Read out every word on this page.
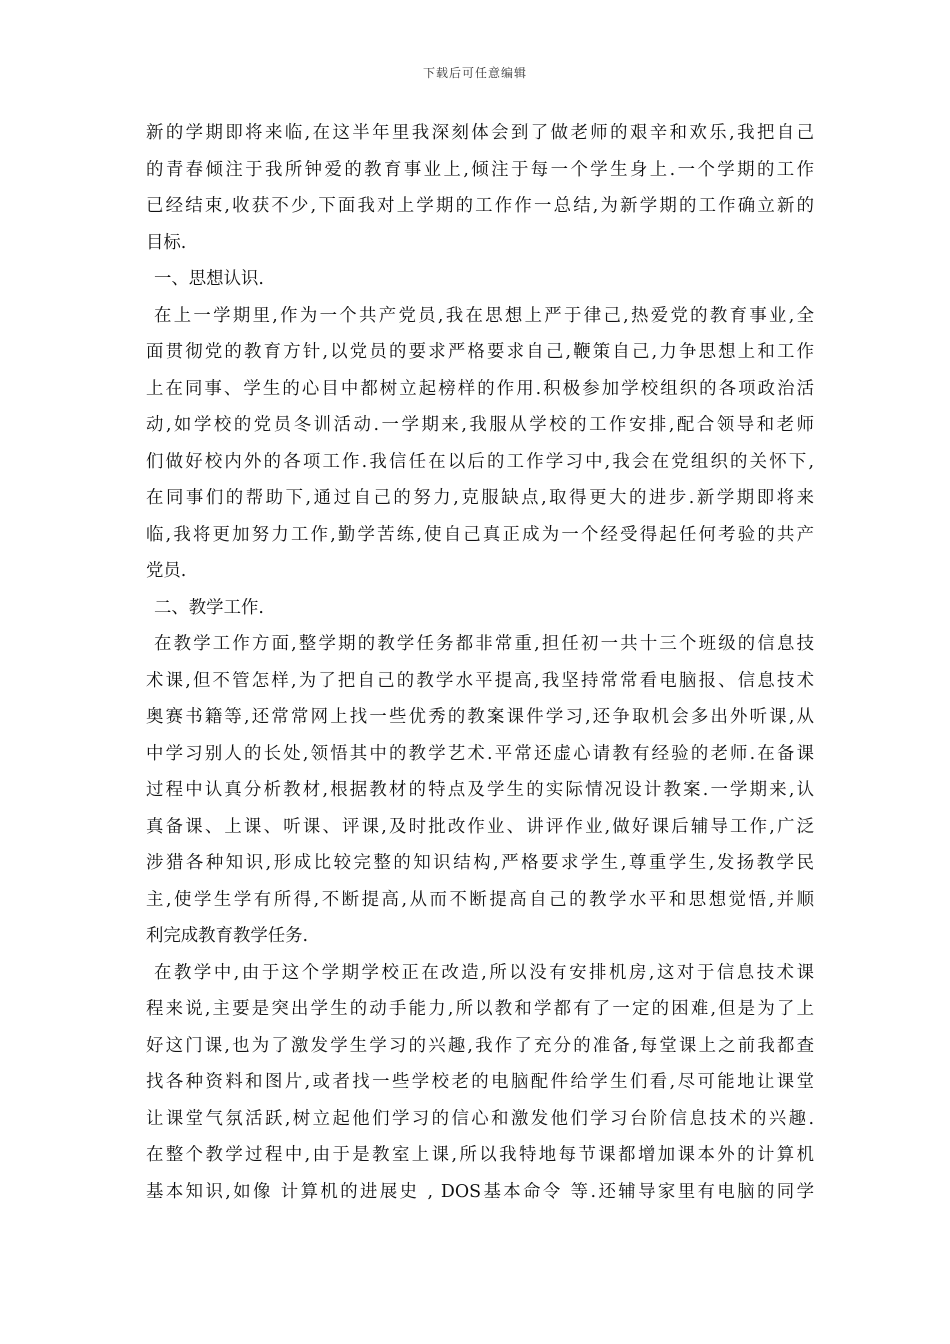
下载后可任意编辑
新的学期即将来临,在这半年里我深刻体会到了做老师的艰辛和欢乐,我把自己
的青春倾注于我所钟爱的教育事业上,倾注于每一个学生身上.一个学期的工作
已经结束,收获不少,下面我对上学期的工作作一总结,为新学期的工作确立新的
目标.
一、思想认识.
在上一学期里,作为一个共产党员,我在思想上严于律己,热爱党的教育事业,全
面贯彻党的教育方针,以党员的要求严格要求自己,鞭策自己,力争思想上和工作
上在同事、学生的心目中都树立起榜样的作用.积极参加学校组织的各项政治活
动,如学校的党员冬训活动.一学期来,我服从学校的工作安排,配合领导和老师
们做好校内外的各项工作.我信任在以后的工作学习中,我会在党组织的关怀下,
在同事们的帮助下,通过自己的努力,克服缺点,取得更大的进步.新学期即将来
临,我将更加努力工作,勤学苦练,使自己真正成为一个经受得起任何考验的共产
党员.
二、教学工作.
在教学工作方面,整学期的教学任务都非常重,担任初一共十三个班级的信息技
术课,但不管怎样,为了把自己的教学水平提高,我坚持常常看电脑报、信息技术
奥赛书籍等,还常常网上找一些优秀的教案课件学习,还争取机会多出外听课,从
中学习别人的长处,领悟其中的教学艺术.平常还虚心请教有经验的老师.在备课
过程中认真分析教材,根据教材的特点及学生的实际情况设计教案.一学期来,认
真备课、上课、听课、评课,及时批改作业、讲评作业,做好课后辅导工作,广泛
涉猎各种知识,形成比较完整的知识结构,严格要求学生,尊重学生,发扬教学民
主,使学生学有所得,不断提高,从而不断提高自己的教学水平和思想觉悟,并顺
利完成教育教学任务.
在教学中,由于这个学期学校正在改造,所以没有安排机房,这对于信息技术课
程来说,主要是突出学生的动手能力,所以教和学都有了一定的困难,但是为了上
好这门课,也为了激发学生学习的兴趣,我作了充分的准备,每堂课上之前我都查
找各种资料和图片,或者找一些学校老的电脑配件给学生们看,尽可能地让课堂
让课堂气氛活跃,树立起他们学习的信心和激发他们学习台阶信息技术的兴趣.
在整个教学过程中,由于是教室上课,所以我特地每节课都增加课本外的计算机
基本知识,如像 计算机的进展史 , DOS基本命令 等.还辅导家里有电脑的同学
